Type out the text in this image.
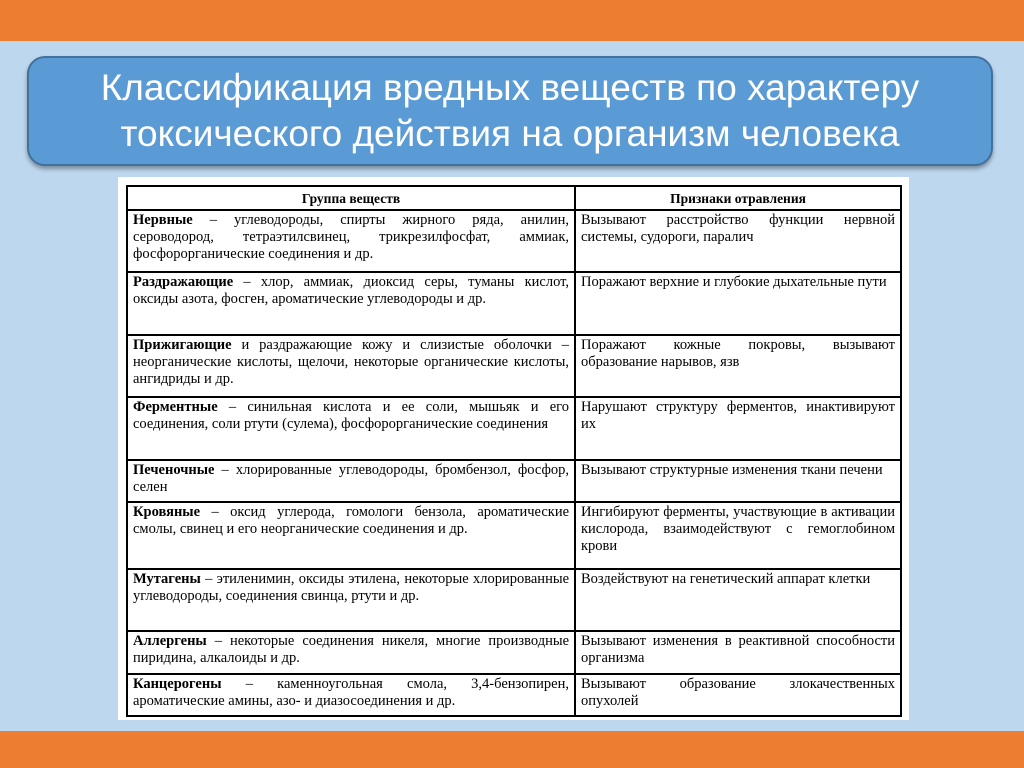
Классификация вредных веществ по характеру токсического действия на организм человека
Группа веществ	Признаки отравления
Нервные – углеводороды, спирты жирного ряда, анилин, сероводород, тетраэтилсвинец, трикрезилфосфат, аммиак, фосфорорганические соединения и др.	Вызывают расстройство функции нервной системы, судороги, паралич
Раздражающие – хлор, аммиак, диоксид серы, туманы кислот, оксиды азота, фосген, ароматические углеводороды и др.	Поражают верхние и глубокие дыхательные пути
Прижигающие и раздражающие кожу и слизистые оболочки – неорганические кислоты, щелочи, некоторые органические кислоты, ангидриды и др.	Поражают кожные покровы, вызывают образование нарывов, язв
Ферментные – синильная кислота и ее соли, мышьяк и его соединения, соли ртути (сулема), фосфорорганические соединения	Нарушают структуру ферментов, инактивируют их
Печеночные – хлорированные углеводороды, бромбензол, фосфор, селен	Вызывают структурные изменения ткани печени
Кровяные – оксид углерода, гомологи бензола, ароматические смолы, свинец и его неорганические соединения и др.	Ингибируют ферменты, участвующие в активации кислорода, взаимодействуют с гемоглобином крови
Мутагены – этиленимин, оксиды этилена, некоторые хлорированные углеводороды, соединения свинца, ртути и др.	Воздействуют на генетический аппарат клетки
Аллергены – некоторые соединения никеля, многие производные пиридина, алкалоиды и др.	Вызывают изменения в реактивной способности организма
Канцерогены – каменноугольная смола, 3,4-бензопирен, ароматические амины, азо- и диазосоединения и др.	Вызывают образование злокачественных опухолей
